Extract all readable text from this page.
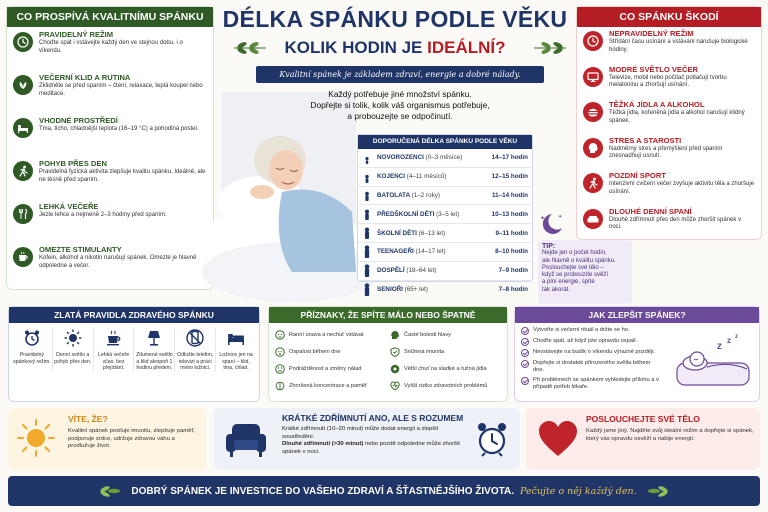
CO PROSPÍVÁ KVALITNÍMU SPÁNKU
PRAVIDELNÝ REŽIM
Choďte spát i vstávejte každý den ve stejnou dobu, i o víkendu.
VEČERNÍ KLID A RUTINA
Zklidněte se před spaním – čtení, relaxace, teplá koupel nebo meditace.
VHODNÉ PROSTŘEDÍ
Tma, ticho, chladnější teplota (16–19 °C) a pohodlná postel.
POHYB PŘES DEN
Pravidelná fyzická aktivita zlepšuje kvalitu spánku. Ideálně, ale ne těsně před spaním.
LEHKÁ VEČEŘE
Jezte lehce a nejméně 2–3 hodiny před spaním.
OMEZTE STIMULANTY
Kofein, alkohol a nikotin narušují spánek. Omezte je hlavně odpoledne a večer.
DÉLKA SPÁNKU PODLE VĚKU
KOLIK HODIN JE IDEÁLNÍ?
Kvalitní spánek je základem zdraví, energie a dobré nálady.
Každý potřebuje jiné množství spánku.
Dopřejte si tolik, kolik váš organismus potřebuje,
a probouzejte se odpočinutí.
DOPORUČENÁ DÉLKA SPÁNKU PODLE VĚKU
NOVOROZENCI (0–3 měsíce)	14–17 hodin
KOJENCI (4–11 měsíců)	12–15 hodin
BATOLATA (1–2 roky)	11–14 hodin
PŘEDŠKOLNÍ DĚTI (3–5 let)	10–13 hodin
ŠKOLNÍ DĚTI (6–13 let)	9–11 hodin
TEENAGEŘI (14–17 let)	8–10 hodin
DOSPĚLÍ (18–64 let)	7–9 hodin
SENIOŘI (65+ let)	7–8 hodin
✦	✦
TIP:
Nejde jen o počet hodin,
ale hlavně o kvalitu spánku.
Poslouchejte své tělo –
když se probouzíte svěží
a plní energie, spíte
tak akorát.
CO SPÁNKU ŠKODÍ
NEPRAVIDELNÝ REŽIM
Střídání času usínání a vstávání narušuje biologické hodiny.
MODRÉ SVĚTLO VEČER
Televize, mobil nebo počítač potlačují tvorbu melatoninu a zhoršují usínání.
TĚŽKÁ JÍDLA A ALKOHOL
Těžká jídla, kořeněná jídla a alkohol narušují klidný spánek.
STRES A STAROSTI
Nadměrný stres a přemýšlení před spaním znesnadňují usnutí.
POZDNÍ SPORT
Intenzivní cvičení večer zvyšuje aktivitu těla a zhoršuje usínání.
DLOUHÉ DENNÍ SPANÍ
Dlouhé zdřímnutí přes den může zhoršit spánek v noci.
ZLATÁ PRAVIDLA ZDRAVÉHO SPÁNKU
Pravidelný spánkový režim.
Denní světlo a pohyb přes den.
Lehká večeře včas, bez přejídání.
Ztlumené světlo a klid alespoň 1 hodinu předem.
Odložte telefon, televizi a práci mimo ložnici.
Ložnice jen na spaní – klid, tma, chlad.
PŘÍZNAKY, ŽE SPÍTE MÁLO NEBO ŠPATNĚ
Ranní únava a nechuť vstávat	Časté bolesti hlavy
Ospalost během dne	Snížená imunita
Podrážděnost a změny nálad	Větší chuť na sladké a tučná jídla
Zhoršená koncentrace a paměť	Vyšší riziko zdravotních problémů
JAK ZLEPŠIT SPÁNEK?
Vytvořte si večerní rituál a držte se ho.
Choďte spát, až když jste opravdu ospalí.
Nevstávejte na budík o víkendu výrazně později.
Dopřejte si dostatek přirozeného světla během dne.
Při problémech se spánkem vyhledejte přílohu a v případě potřeb lékaře.
z
z z
VÍTE, ŽE?
Kvalitní spánek posiluje imunitu, zlepšuje paměť, podporuje srdce, udržuje zdravou váhu a prodlužuje život.
KRÁTKÉ ZDŘÍMNUTÍ ANO, ALE S ROZUMEM
Krátké zdřímnutí (10–20 minut) může dodat energii a zlepšit soustředění.
Dlouhé zdřímnutí (>30 minut) nebo pozdě odpoledne může zhoršit spánek v noci.
POSLOUCHEJTE SVÉ TĚLO
Každý jsme jiný. Najděte svůj ideální režim a dopřejte si spánek, který vás opravdu osvěží a nabije energií.
DOBRÝ SPÁNEK JE INVESTICE DO VAŠEHO ZDRAVÍ A ŠŤASTNĚJŠÍHO ŽIVOTA. Pečujte o něj každý den.
